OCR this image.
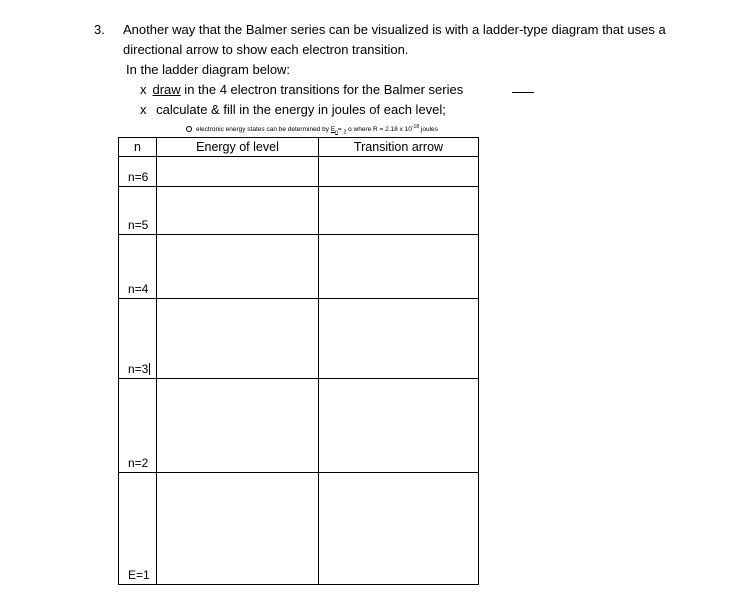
3. Another way that the Balmer series can be visualized is with a ladder-type diagram that uses a
directional arrow to show each electron transition.
In the ladder diagram below:
x draw in the 4 electron transitions for the Balmer series
x calculate & fill in the energy in joules of each level;
electronic energy states can be determined by $E_n= _2$ o where R = 2.18 x $10^{-18}$ joules
n	Energy of level	Transition arrow
n=6		
n=5		
n=4		
n=3		
n=2		
E=1		
